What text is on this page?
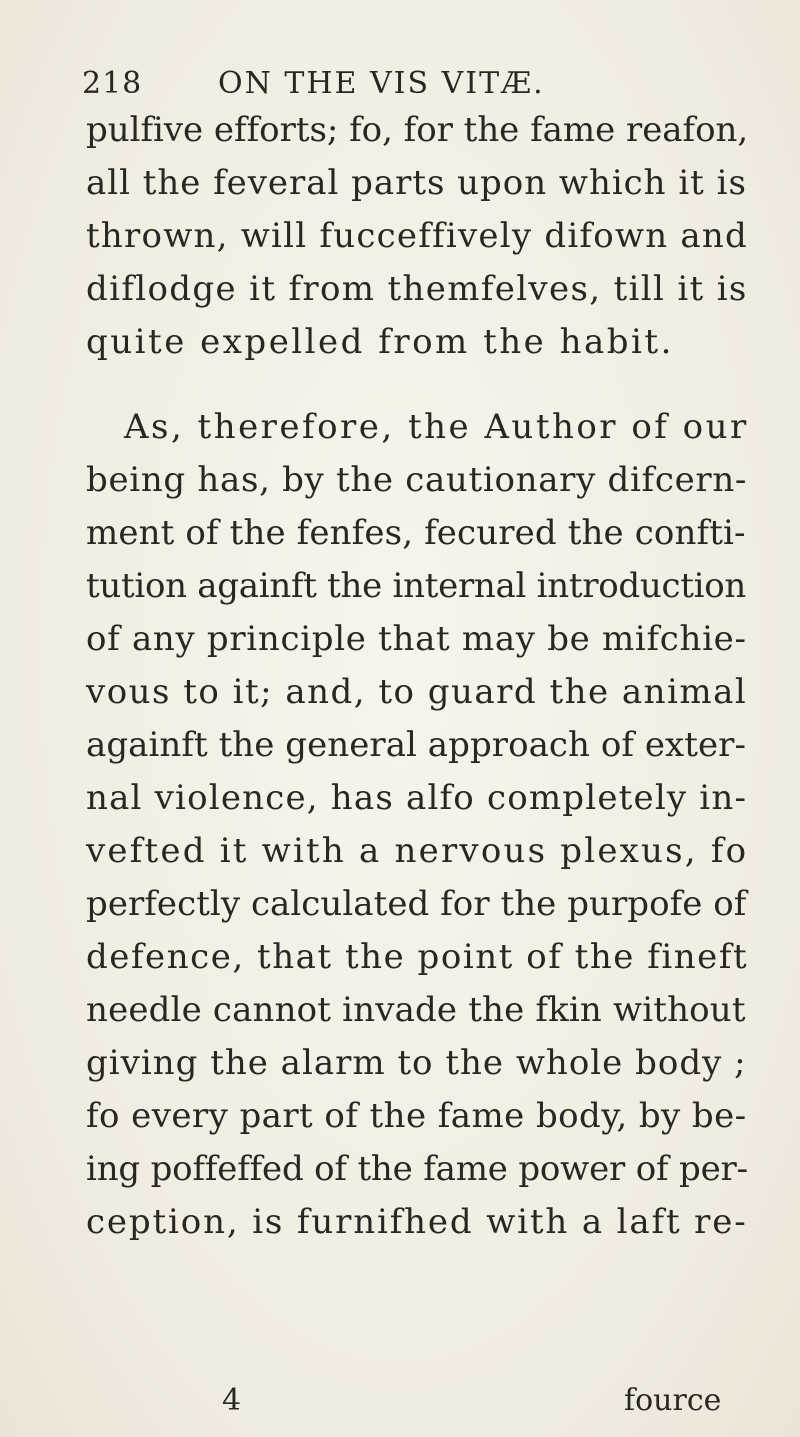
218	ON THE VIS VITÆ.
pulfive efforts; fo, for the fame reafon,
all the feveral parts upon which it is
thrown, will fucceffively difown and
diflodge it from themfelves, till it is
quite expelled from the habit.
As, therefore, the Author of our
being has, by the cautionary difcern-
ment of the fenfes, fecured the confti-
tution againft the internal introduction
of any principle that may be mifchie-
vous to it; and, to guard the animal
againft the general approach of exter-
nal violence, has alfo completely in-
vefted it with a nervous plexus, fo
perfectly calculated for the purpofe of
defence, that the point of the fineft
needle cannot invade the fkin without
giving the alarm to the whole body ;
fo every part of the fame body, by be-
ing poffeffed of the fame power of per-
ception, is furnifhed with a laft re-
4	fource
